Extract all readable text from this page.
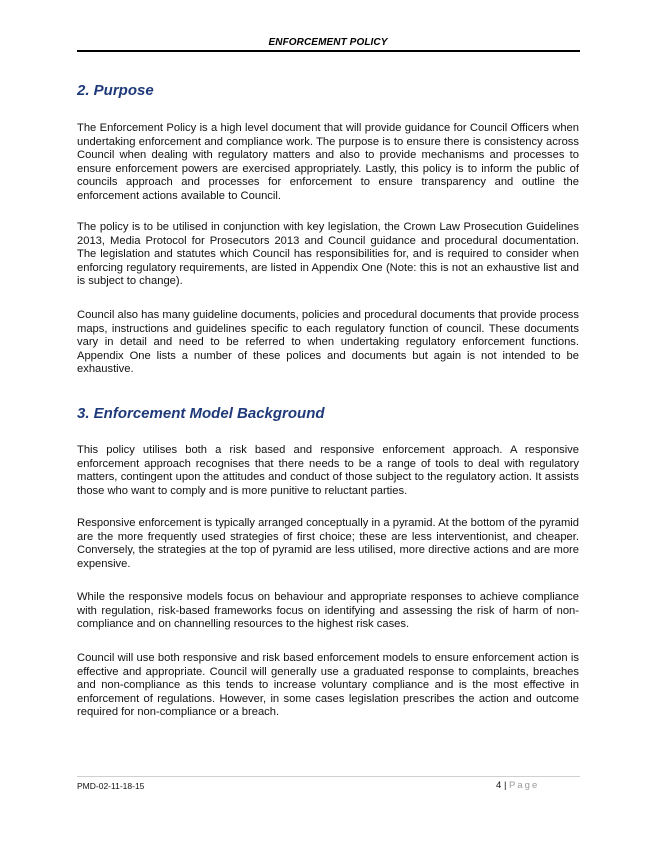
ENFORCEMENT POLICY
2. Purpose

The Enforcement Policy is a high level document that will provide guidance for Council Officers when undertaking enforcement and compliance work. The purpose is to ensure there is consistency across Council when dealing with regulatory matters and also to provide mechanisms and processes to ensure enforcement powers are exercised appropriately. Lastly, this policy is to inform the public of councils approach and processes for enforcement to ensure transparency and outline the enforcement actions available to Council.

The policy is to be utilised in conjunction with key legislation, the Crown Law Prosecution Guidelines 2013, Media Protocol for Prosecutors 2013 and Council guidance and procedural documentation. The legislation and statutes which Council has responsibilities for, and is required to consider when enforcing regulatory requirements, are listed in Appendix One (Note: this is not an exhaustive list and is subject to change).

Council also has many guideline documents, policies and procedural documents that provide process maps, instructions and guidelines specific to each regulatory function of council. These documents vary in detail and need to be referred to when undertaking regulatory enforcement functions. Appendix One lists a number of these polices and documents but again is not intended to be exhaustive.

3. Enforcement Model Background

This policy utilises both a risk based and responsive enforcement approach. A responsive enforcement approach recognises that there needs to be a range of tools to deal with regulatory matters, contingent upon the attitudes and conduct of those subject to the regulatory action. It assists those who want to comply and is more punitive to reluctant parties.

Responsive enforcement is typically arranged conceptually in a pyramid. At the bottom of the pyramid are the more frequently used strategies of first choice; these are less interventionist, and cheaper. Conversely, the strategies at the top of pyramid are less utilised, more directive actions and are more expensive.

While the responsive models focus on behaviour and appropriate responses to achieve compliance with regulation, risk-based frameworks focus on identifying and assessing the risk of harm of non-compliance and on channelling resources to the highest risk cases.

Council will use both responsive and risk based enforcement models to ensure enforcement action is effective and appropriate. Council will generally use a graduated response to complaints, breaches and non-compliance as this tends to increase voluntary compliance and is the most effective in enforcement of regulations. However, in some cases legislation prescribes the action and outcome required for non-compliance or a breach.

PMD-02-11-18-15	4 | Page
